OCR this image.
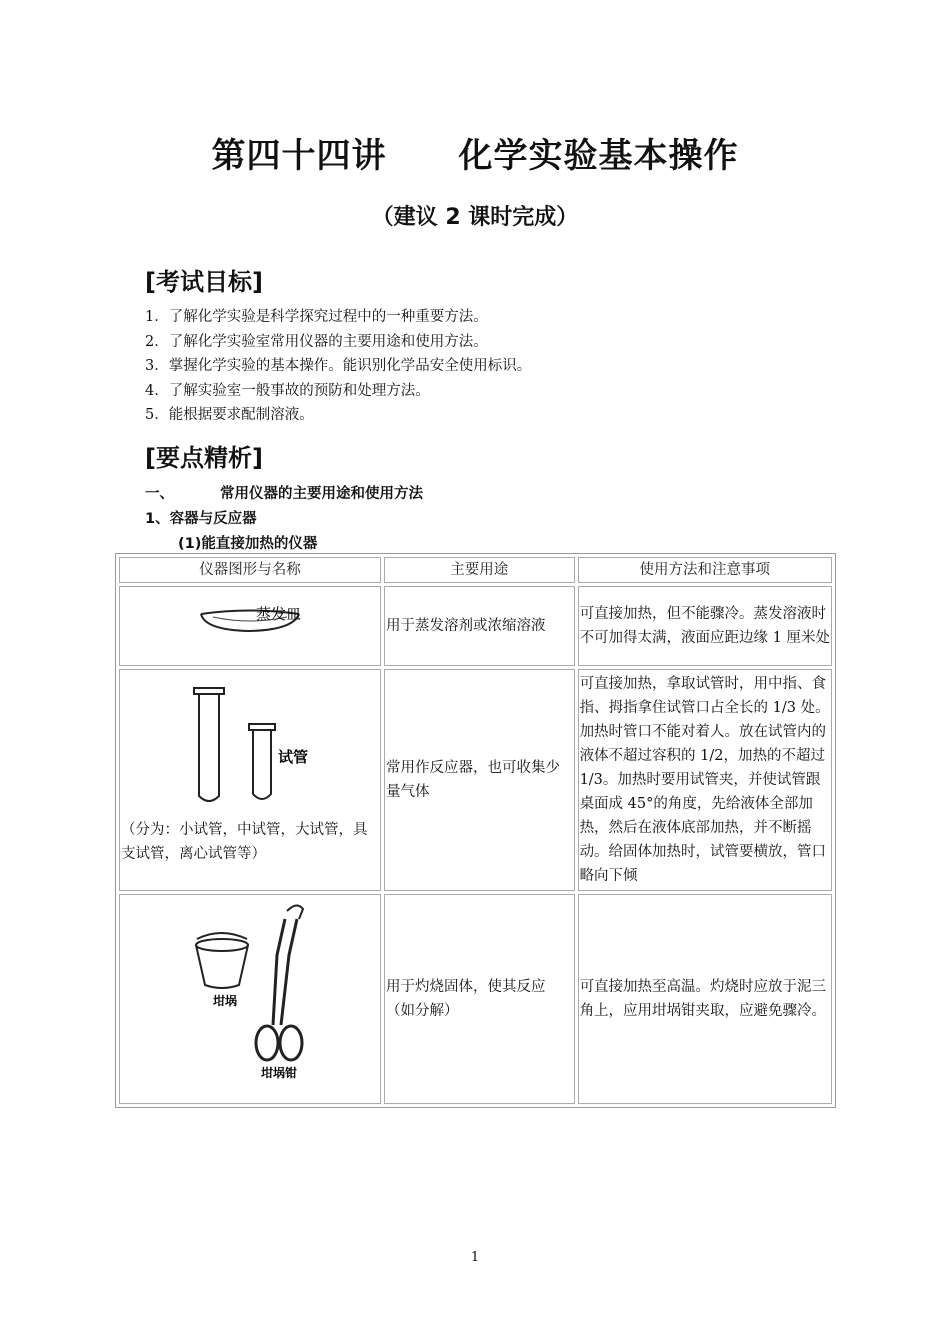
第四十四讲 化学实验基本操作
（建议 2 课时完成）
[考试目标]
1．了解化学实验是科学探究过程中的一种重要方法。
2．了解化学实验室常用仪器的主要用途和使用方法。
3．掌握化学实验的基本操作。能识别化学品安全使用标识。
4．了解实验室一般事故的预防和处理方法。
5．能根据要求配制溶液。
[要点精析]
一、	常用仪器的主要用途和使用方法
1、容器与反应器
(1)能直接加热的仪器
仪器图形与名称	主要用途	使用方法和注意事项

蒸发皿	用于蒸发溶剂或浓缩溶液	可直接加热，但不能骤冷。蒸发溶液时不可加得太满，液面应距边缘 1 厘米处

试管
（分为：小试管，中试管，大试管，具支试管，离心试管等）	常用作反应器，也可收集少量气体	可直接加热，拿取试管时，用中指、食指、拇指拿住试管口占全长的 1/3 处。加热时管口不能对着人。放在试管内的液体不超过容积的 1/2，加热的不超过 1/3。加热时要用试管夹，并使试管跟桌面成 45°的角度，先给液体全部加热，然后在液体底部加热，并不断摇动。给固体加热时，试管要横放，管口略向下倾

坩埚
坩埚钳	用于灼烧固体，使其反应（如分解）	可直接加热至高温。灼烧时应放于泥三角上，应用坩埚钳夹取，应避免骤冷。
1
